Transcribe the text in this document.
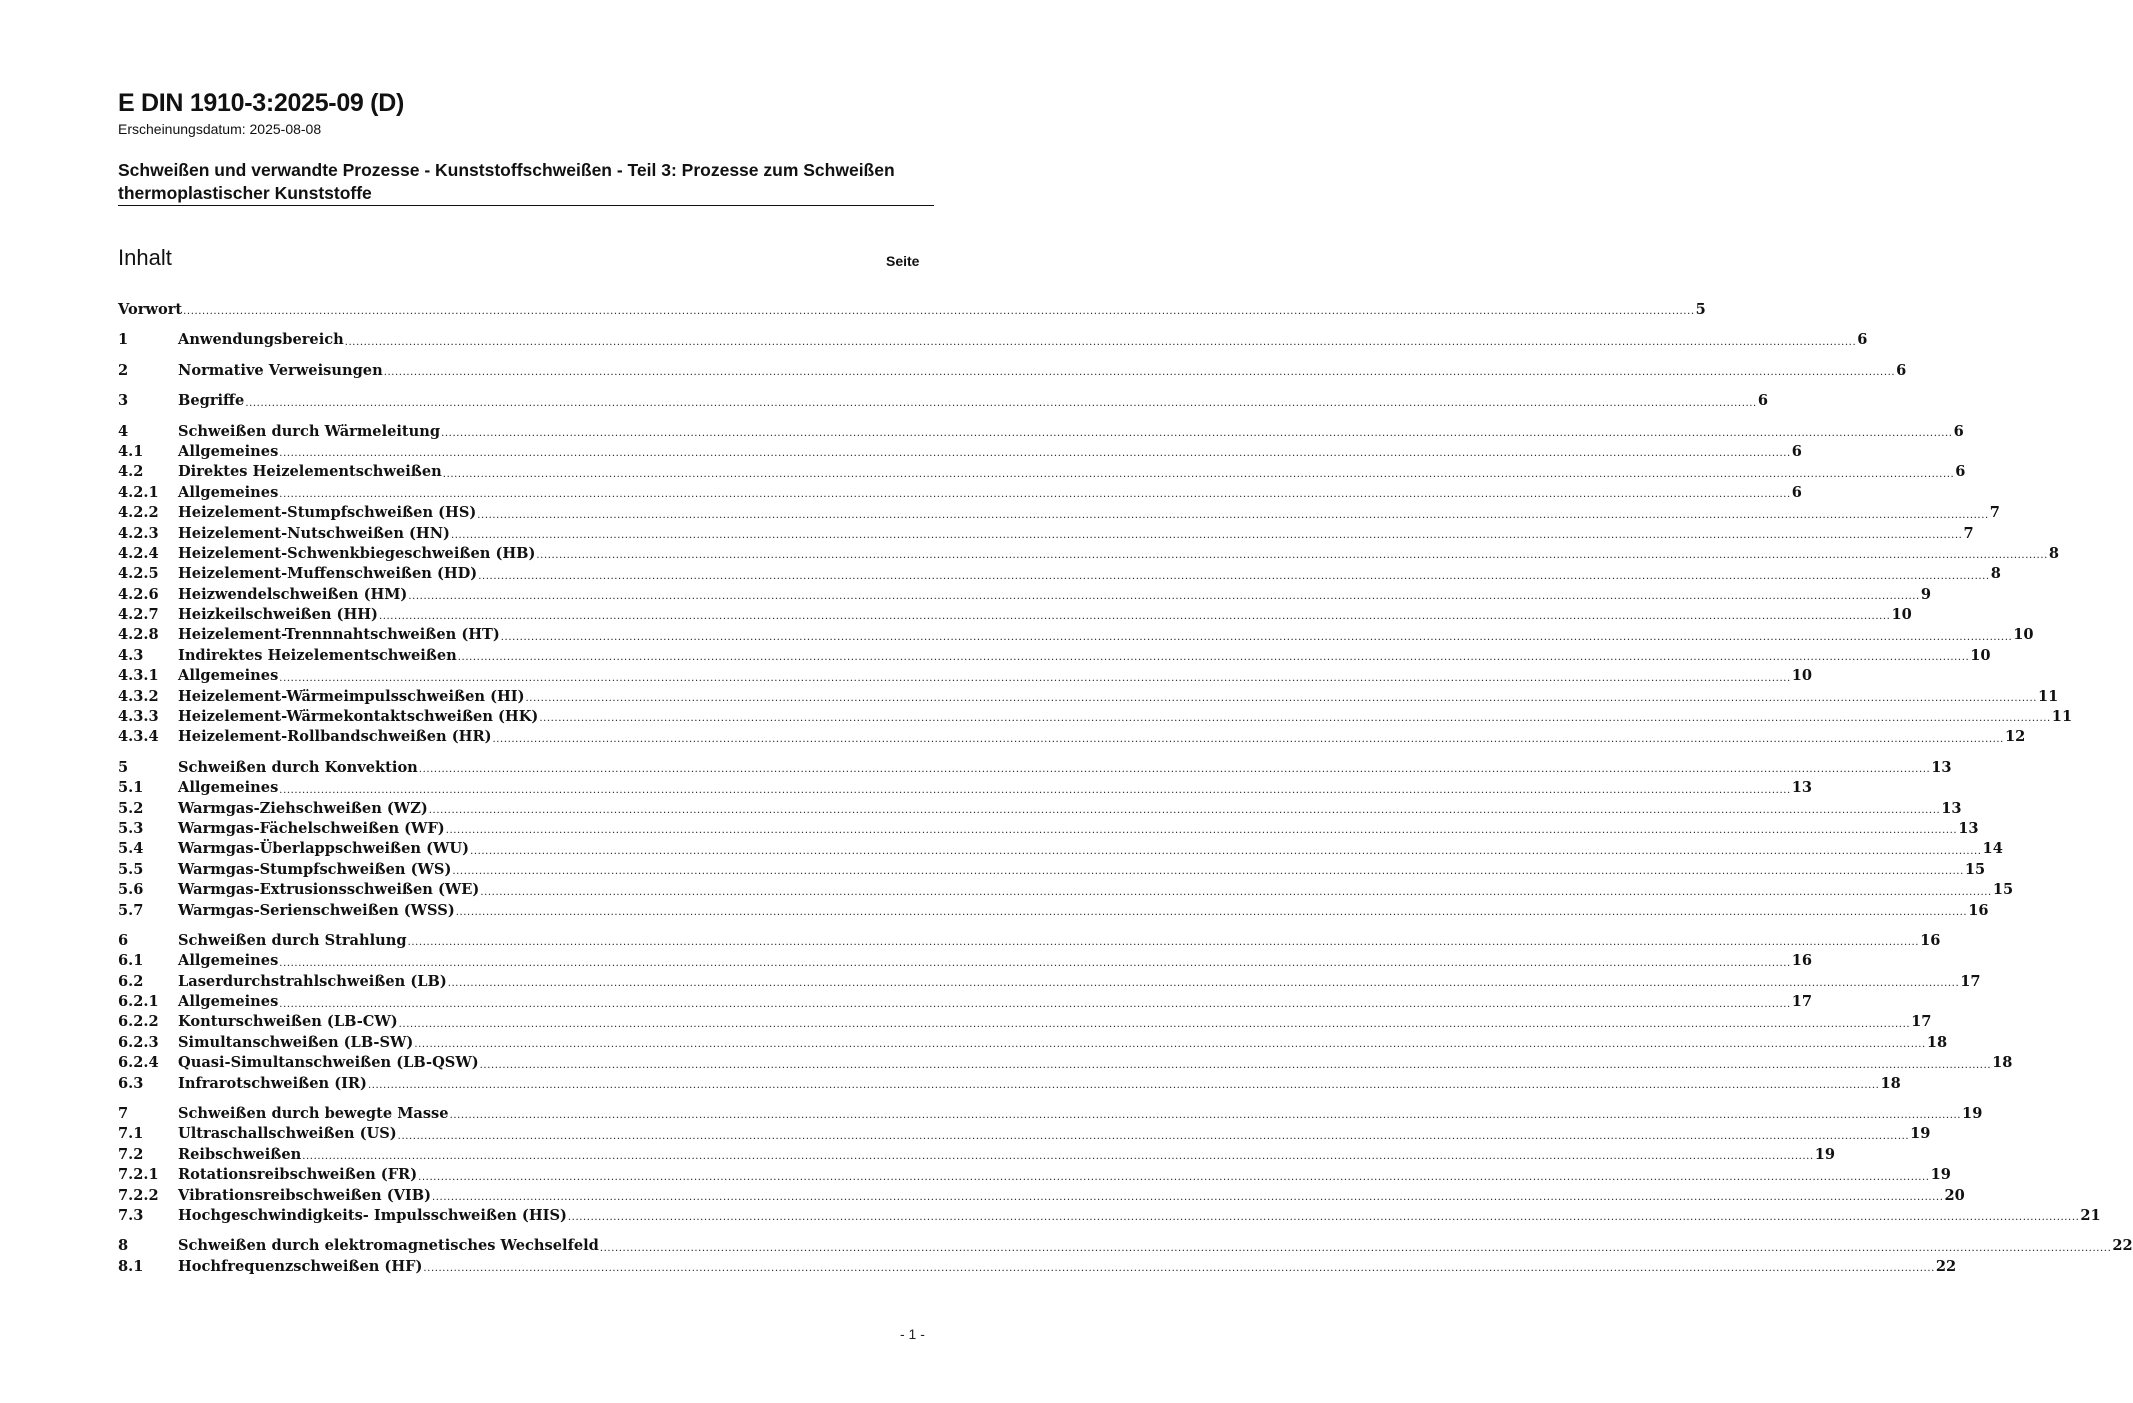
E DIN 1910-3:2025-09 (D)
Erscheinungsdatum: 2025-08-08
Schweißen und verwandte Prozesse - Kunststoffschweißen - Teil 3: Prozesse zum Schweißen thermoplastischer Kunststoffe
Inhalt	Seite
Vorwort ................................................................................................................................................................................................................................................................................................................................................................................................................ 5
1	Anwendungsbereich ................................................................................................................................................................................................................................................................................................................................................................................................................ 6
2	Normative Verweisungen ................................................................................................................................................................................................................................................................................................................................................................................................................ 6
3	Begriffe ................................................................................................................................................................................................................................................................................................................................................................................................................ 6
4	Schweißen durch Wärmeleitung ................................................................................................................................................................................................................................................................................................................................................................................................................ 6
4.1	Allgemeines ................................................................................................................................................................................................................................................................................................................................................................................................................ 6
4.2	Direktes Heizelementschweißen ................................................................................................................................................................................................................................................................................................................................................................................................................ 6
4.2.1	Allgemeines ................................................................................................................................................................................................................................................................................................................................................................................................................ 6
4.2.2	Heizelement-Stumpfschweißen (HS) ................................................................................................................................................................................................................................................................................................................................................................................................................ 7
4.2.3	Heizelement-Nutschweißen (HN) ................................................................................................................................................................................................................................................................................................................................................................................................................ 7
4.2.4	Heizelement-Schwenkbiegeschweißen (HB) ................................................................................................................................................................................................................................................................................................................................................................................................................ 8
4.2.5	Heizelement-Muffenschweißen (HD) ................................................................................................................................................................................................................................................................................................................................................................................................................ 8
4.2.6	Heizwendelschweißen (HM) ................................................................................................................................................................................................................................................................................................................................................................................................................ 9
4.2.7	Heizkeilschweißen (HH) ................................................................................................................................................................................................................................................................................................................................................................................................................ 10
4.2.8	Heizelement-Trennnahtschweißen (HT) ................................................................................................................................................................................................................................................................................................................................................................................................................ 10
4.3	Indirektes Heizelementschweißen ................................................................................................................................................................................................................................................................................................................................................................................................................ 10
4.3.1	Allgemeines ................................................................................................................................................................................................................................................................................................................................................................................................................ 10
4.3.2	Heizelement-Wärmeimpulsschweißen (HI) ................................................................................................................................................................................................................................................................................................................................................................................................................ 11
4.3.3	Heizelement-Wärmekontaktschweißen (HK) ................................................................................................................................................................................................................................................................................................................................................................................................................ 11
4.3.4	Heizelement-Rollbandschweißen (HR) ................................................................................................................................................................................................................................................................................................................................................................................................................ 12
5	Schweißen durch Konvektion ................................................................................................................................................................................................................................................................................................................................................................................................................ 13
5.1	Allgemeines ................................................................................................................................................................................................................................................................................................................................................................................................................ 13
5.2	Warmgas-Ziehschweißen (WZ) ................................................................................................................................................................................................................................................................................................................................................................................................................ 13
5.3	Warmgas-Fächelschweißen (WF) ................................................................................................................................................................................................................................................................................................................................................................................................................ 13
5.4	Warmgas-Überlappschweißen (WU) ................................................................................................................................................................................................................................................................................................................................................................................................................ 14
5.5	Warmgas-Stumpfschweißen (WS) ................................................................................................................................................................................................................................................................................................................................................................................................................ 15
5.6	Warmgas-Extrusionsschweißen (WE) ................................................................................................................................................................................................................................................................................................................................................................................................................ 15
5.7	Warmgas-Serienschweißen (WSS) ................................................................................................................................................................................................................................................................................................................................................................................................................ 16
6	Schweißen durch Strahlung ................................................................................................................................................................................................................................................................................................................................................................................................................ 16
6.1	Allgemeines ................................................................................................................................................................................................................................................................................................................................................................................................................ 16
6.2	Laserdurchstrahlschweißen (LB) ................................................................................................................................................................................................................................................................................................................................................................................................................ 17
6.2.1	Allgemeines ................................................................................................................................................................................................................................................................................................................................................................................................................ 17
6.2.2	Konturschweißen (LB-CW) ................................................................................................................................................................................................................................................................................................................................................................................................................ 17
6.2.3	Simultanschweißen (LB-SW) ................................................................................................................................................................................................................................................................................................................................................................................................................ 18
6.2.4	Quasi-Simultanschweißen (LB-QSW) ................................................................................................................................................................................................................................................................................................................................................................................................................ 18
6.3	Infrarotschweißen (IR) ................................................................................................................................................................................................................................................................................................................................................................................................................ 18
7	Schweißen durch bewegte Masse ................................................................................................................................................................................................................................................................................................................................................................................................................ 19
7.1	Ultraschallschweißen (US) ................................................................................................................................................................................................................................................................................................................................................................................................................ 19
7.2	Reibschweißen ................................................................................................................................................................................................................................................................................................................................................................................................................ 19
7.2.1	Rotationsreibschweißen (FR) ................................................................................................................................................................................................................................................................................................................................................................................................................ 19
7.2.2	Vibrationsreibschweißen (VIB) ................................................................................................................................................................................................................................................................................................................................................................................................................ 20
7.3	Hochgeschwindigkeits- Impulsschweißen (HIS) ................................................................................................................................................................................................................................................................................................................................................................................................................ 21
8	Schweißen durch elektromagnetisches Wechselfeld ................................................................................................................................................................................................................................................................................................................................................................................................................ 22
8.1	Hochfrequenzschweißen (HF) ................................................................................................................................................................................................................................................................................................................................................................................................................ 22
- 1 -
